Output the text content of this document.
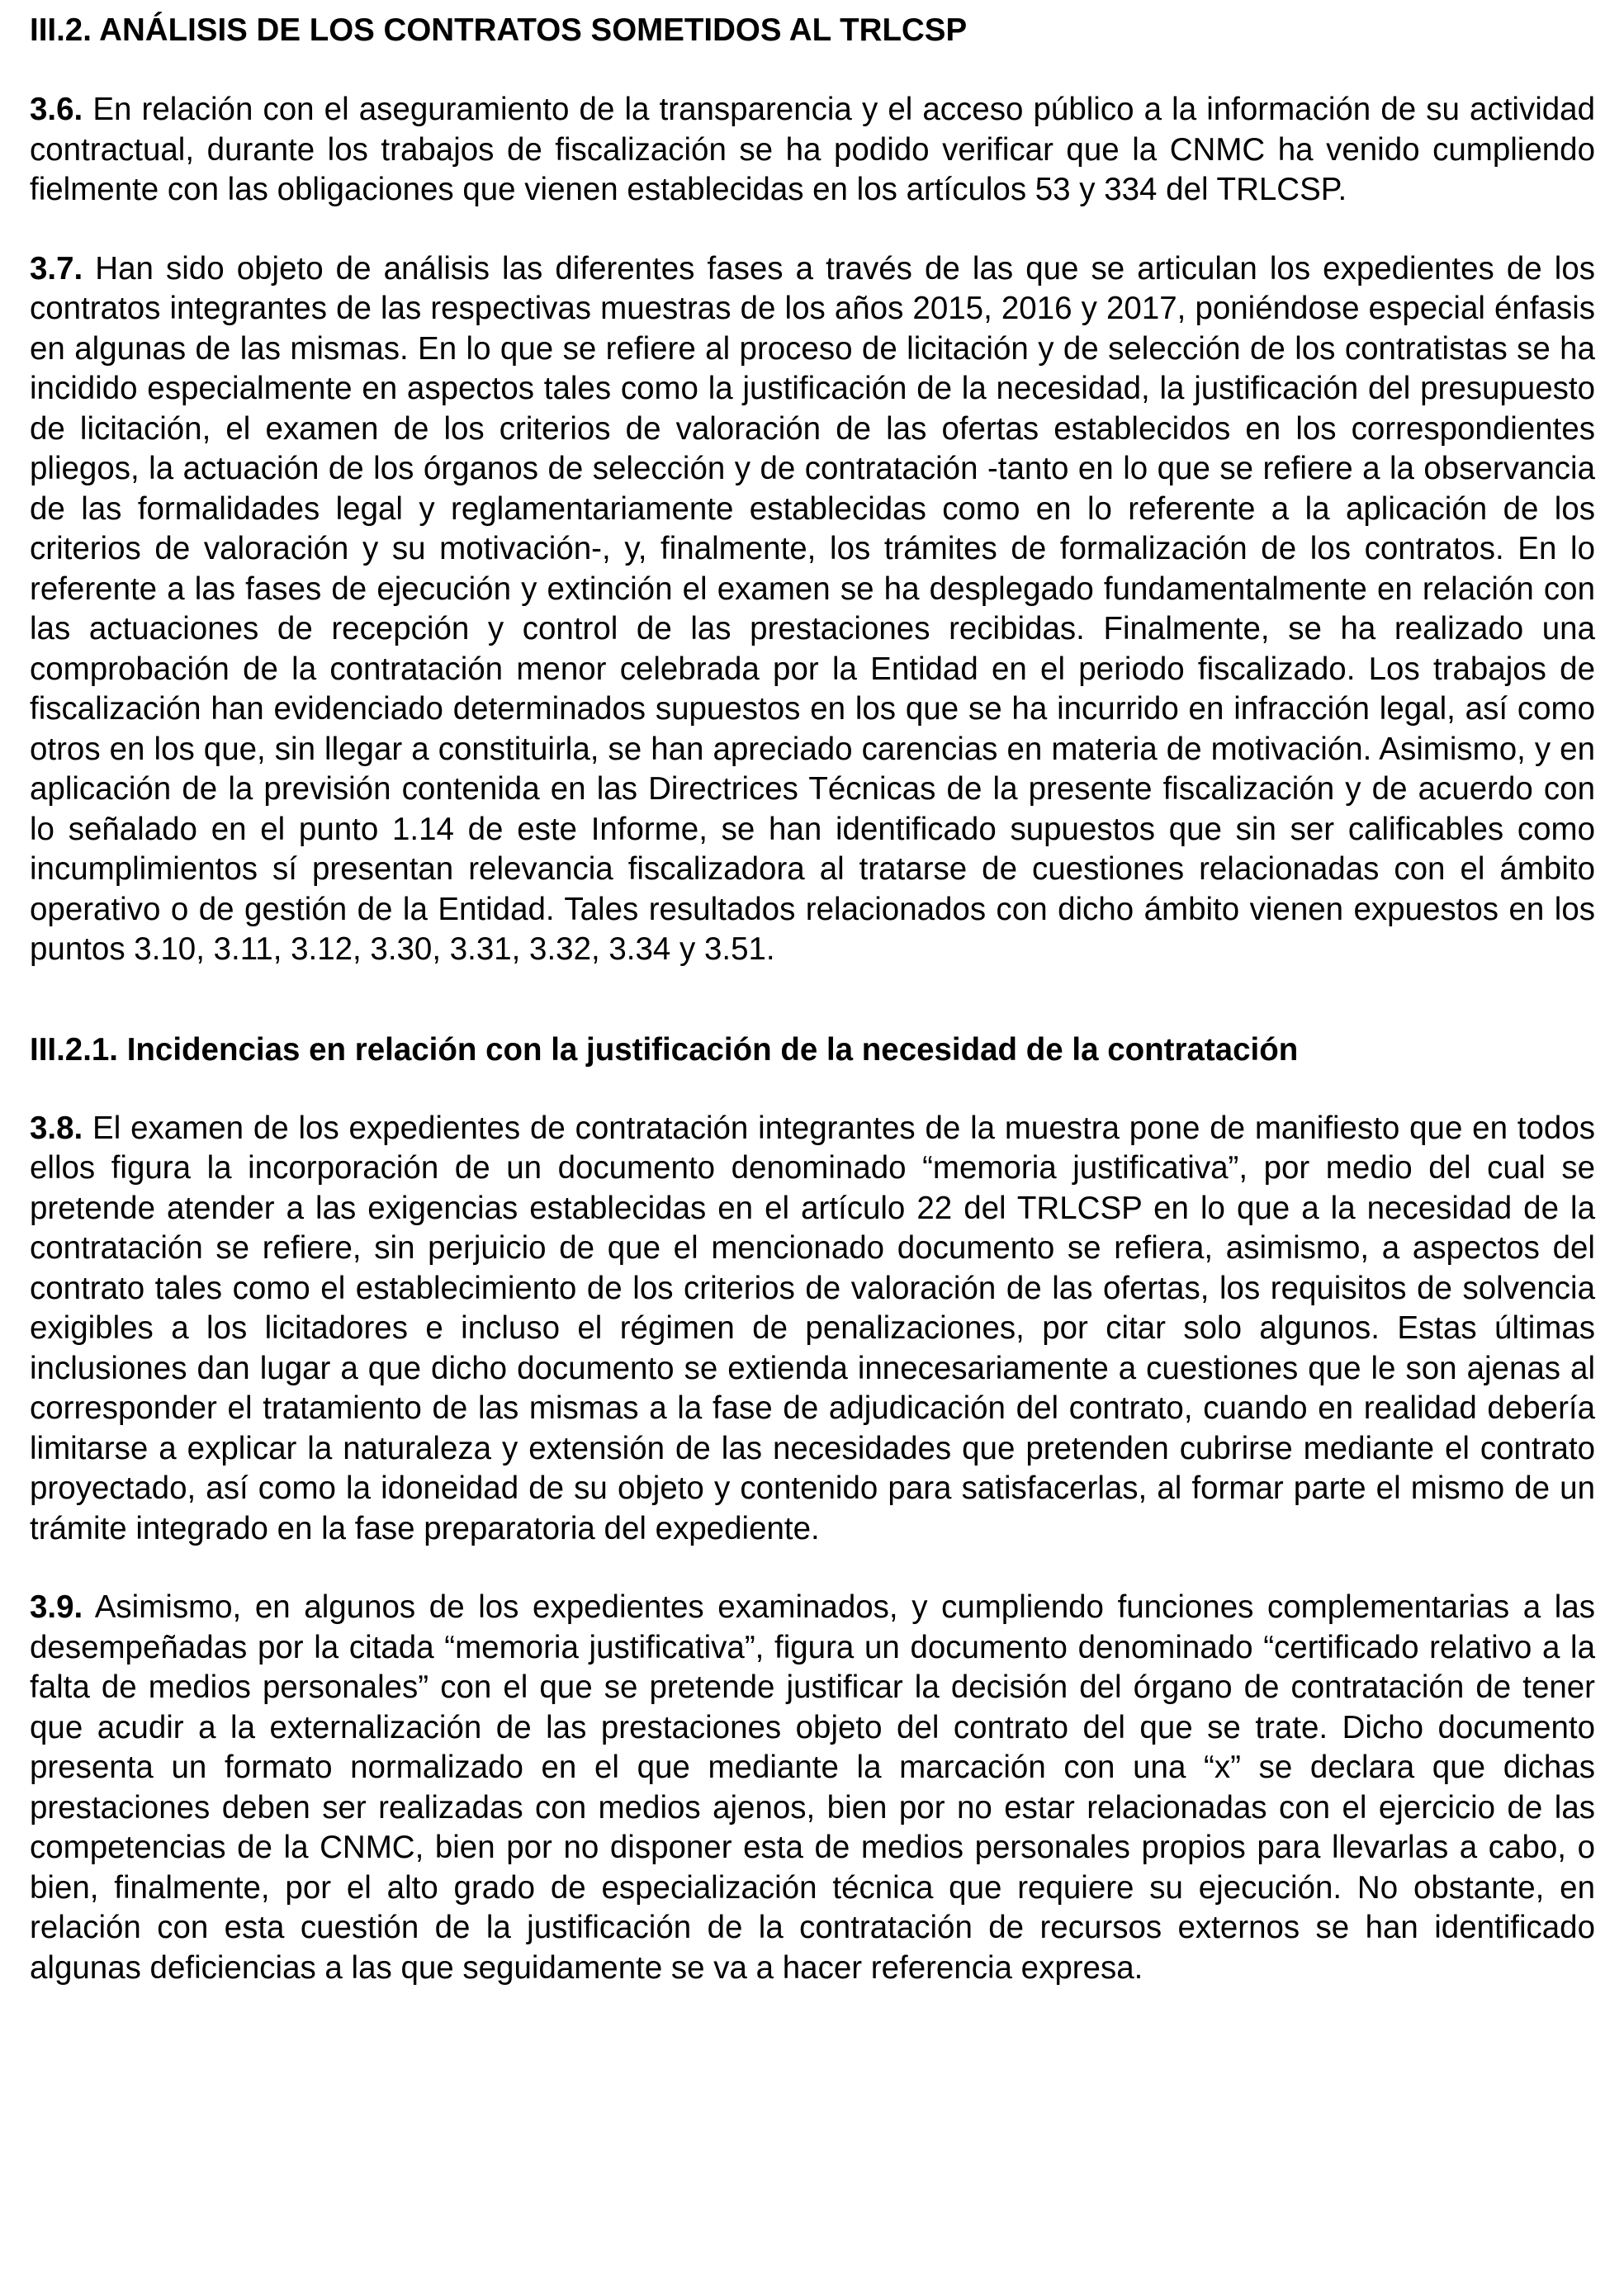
III.2. ANÁLISIS DE LOS CONTRATOS SOMETIDOS AL TRLCSP

3.6. En relación con el aseguramiento de la transparencia y el acceso público a la información de su actividad contractual, durante los trabajos de fiscalización se ha podido verificar que la CNMC ha venido cumpliendo fielmente con las obligaciones que vienen establecidas en los artículos 53 y 334 del TRLCSP.

3.7. Han sido objeto de análisis las diferentes fases a través de las que se articulan los expedientes de los contratos integrantes de las respectivas muestras de los años 2015, 2016 y 2017, poniéndose especial énfasis en algunas de las mismas. En lo que se refiere al proceso de licitación y de selección de los contratistas se ha incidido especialmente en aspectos tales como la justificación de la necesidad, la justificación del presupuesto de licitación, el examen de los criterios de valoración de las ofertas establecidos en los correspondientes pliegos, la actuación de los órganos de selección y de contratación -tanto en lo que se refiere a la observancia de las formalidades legal y reglamentariamente establecidas como en lo referente a la aplicación de los criterios de valoración y su motivación-, y, finalmente, los trámites de formalización de los contratos. En lo referente a las fases de ejecución y extinción el examen se ha desplegado fundamentalmente en relación con las actuaciones de recepción y control de las prestaciones recibidas. Finalmente, se ha realizado una comprobación de la contratación menor celebrada por la Entidad en el periodo fiscalizado. Los trabajos de fiscalización han evidenciado determinados supuestos en los que se ha incurrido en infracción legal, así como otros en los que, sin llegar a constituirla, se han apreciado carencias en materia de motivación. Asimismo, y en aplicación de la previsión contenida en las Directrices Técnicas de la presente fiscalización y de acuerdo con lo señalado en el punto 1.14 de este Informe, se han identificado supuestos que sin ser calificables como incumplimientos sí presentan relevancia fiscalizadora al tratarse de cuestiones relacionadas con el ámbito operativo o de gestión de la Entidad. Tales resultados relacionados con dicho ámbito vienen expuestos en los puntos 3.10, 3.11, 3.12, 3.30, 3.31, 3.32, 3.34 y 3.51.

III.2.1. Incidencias en relación con la justificación de la necesidad de la contratación

3.8. El examen de los expedientes de contratación integrantes de la muestra pone de manifiesto que en todos ellos figura la incorporación de un documento denominado “memoria justificativa”, por medio del cual se pretende atender a las exigencias establecidas en el artículo 22 del TRLCSP en lo que a la necesidad de la contratación se refiere, sin perjuicio de que el mencionado documento se refiera, asimismo, a aspectos del contrato tales como el establecimiento de los criterios de valoración de las ofertas, los requisitos de solvencia exigibles a los licitadores e incluso el régimen de penalizaciones, por citar solo algunos. Estas últimas inclusiones dan lugar a que dicho documento se extienda innecesariamente a cuestiones que le son ajenas al corresponder el tratamiento de las mismas a la fase de adjudicación del contrato, cuando en realidad debería limitarse a explicar la naturaleza y extensión de las necesidades que pretenden cubrirse mediante el contrato proyectado, así como la idoneidad de su objeto y contenido para satisfacerlas, al formar parte el mismo de un trámite integrado en la fase preparatoria del expediente.

3.9. Asimismo, en algunos de los expedientes examinados, y cumpliendo funciones complementarias a las desempeñadas por la citada “memoria justificativa”, figura un documento denominado “certificado relativo a la falta de medios personales” con el que se pretende justificar la decisión del órgano de contratación de tener que acudir a la externalización de las prestaciones objeto del contrato del que se trate. Dicho documento presenta un formato normalizado en el que mediante la marcación con una “x” se declara que dichas prestaciones deben ser realizadas con medios ajenos, bien por no estar relacionadas con el ejercicio de las competencias de la CNMC, bien por no disponer esta de medios personales propios para llevarlas a cabo, o bien, finalmente, por el alto grado de especialización técnica que requiere su ejecución. No obstante, en relación con esta cuestión de la justificación de la contratación de recursos externos se han identificado algunas deficiencias a las que seguidamente se va a hacer referencia expresa.
